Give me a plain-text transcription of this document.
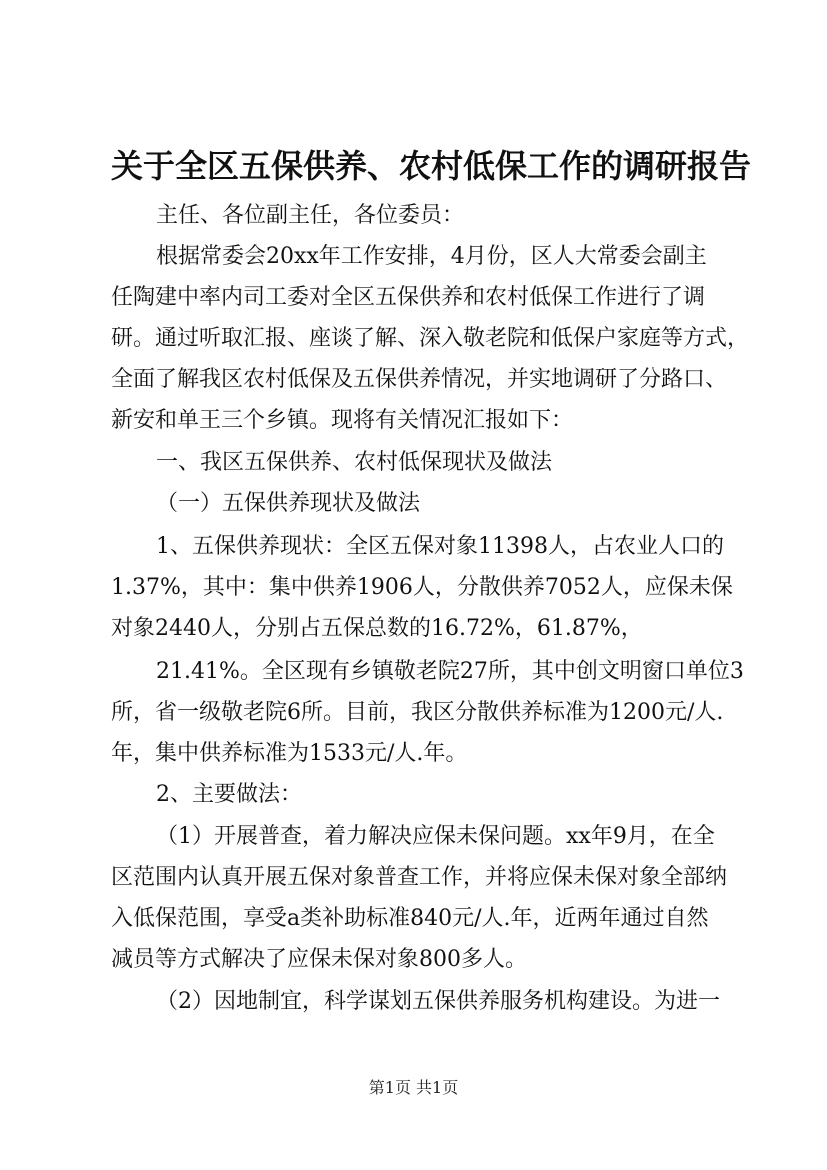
关于全区五保供养、农村低保工作的调研报告
主任、各位副主任，各位委员：
根据常委会20xx年工作安排，4月份，区人大常委会副主
任陶建中率内司工委对全区五保供养和农村低保工作进行了调
研。通过听取汇报、座谈了解、深入敬老院和低保户家庭等方式，
全面了解我区农村低保及五保供养情况，并实地调研了分路口、
新安和单王三个乡镇。现将有关情况汇报如下：
一、我区五保供养、农村低保现状及做法
（一）五保供养现状及做法
1、五保供养现状：全区五保对象11398人，占农业人口的
1.37%，其中：集中供养1906人，分散供养7052人，应保未保
对象2440人，分别占五保总数的16.72%，61.87%，
21.41%。全区现有乡镇敬老院27所，其中创文明窗口单位3
所，省一级敬老院6所。目前，我区分散供养标准为1200元/人.
年，集中供养标准为1533元/人.年。
2、主要做法：
（1）开展普查，着力解决应保未保问题。xx年9月，在全
区范围内认真开展五保对象普查工作，并将应保未保对象全部纳
入低保范围，享受a类补助标准840元/人.年，近两年通过自然
减员等方式解决了应保未保对象800多人。
（2）因地制宜，科学谋划五保供养服务机构建设。为进一
第1页 共1页
